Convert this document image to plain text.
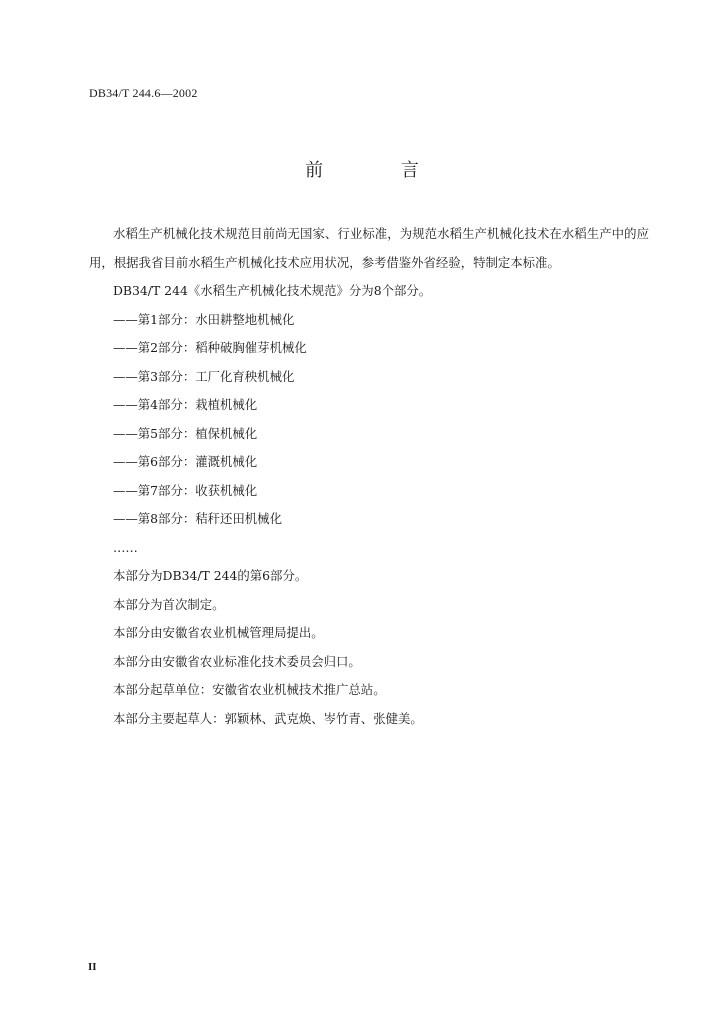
DB34/T 244.6—2002
前 言

水稻生产机械化技术规范目前尚无国家、行业标准，为规范水稻生产机械化技术在水稻生产中的应用，根据我省目前水稻生产机械化技术应用状况，参考借鉴外省经验，特制定本标准。

DB34/T 244《水稻生产机械化技术规范》分为8个部分。

——第1部分：水田耕整地机械化

——第2部分：稻种破胸催芽机械化

——第3部分：工厂化育秧机械化

——第4部分：栽植机械化

——第5部分：植保机械化

——第6部分：灌溉机械化

——第7部分：收获机械化

——第8部分：秸秆还田机械化

……

本部分为DB34/T 244的第6部分。

本部分为首次制定。

本部分由安徽省农业机械管理局提出。

本部分由安徽省农业标准化技术委员会归口。

本部分起草单位：安徽省农业机械技术推广总站。

本部分主要起草人：郭颖林、武克焕、岑竹青、张健美。

II
